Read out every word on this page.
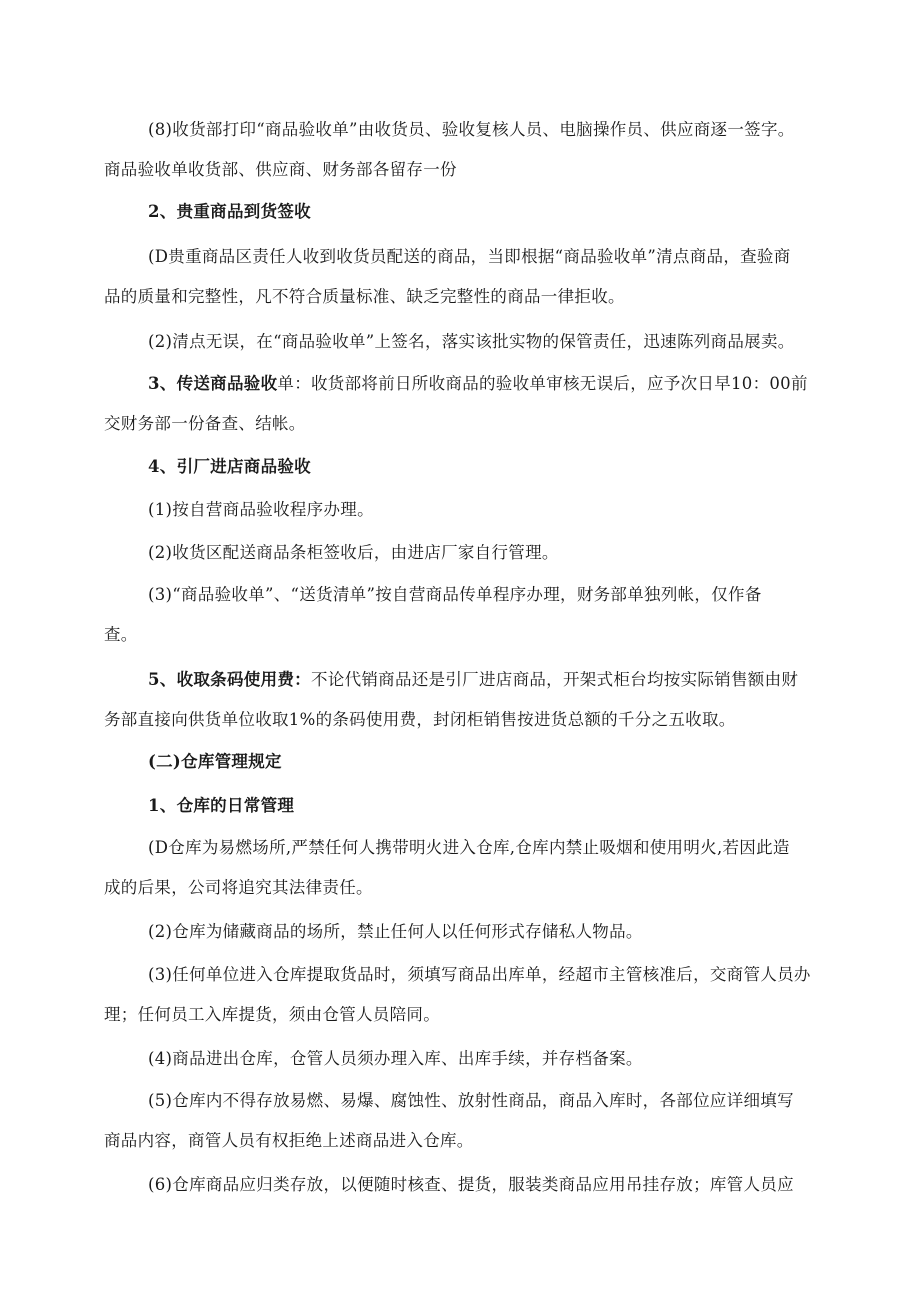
(8)收货部打印“商品验收单”由收货员、验收复核人员、电脑操作员、供应商逐一签字。
商品验收单收货部、供应商、财务部各留存一份

2、贵重商品到货签收

(D贵重商品区责任人收到收货员配送的商品，当即根据“商品验收单”清点商品，查验商
品的质量和完整性，凡不符合质量标准、缺乏完整性的商品一律拒收。

(2)清点无误，在“商品验收单”上签名，落实该批实物的保管责任，迅速陈列商品展卖。

3、传送商品验收单：收货部将前日所收商品的验收单审核无误后，应予次日早10：00前
交财务部一份备查、结帐。

4、引厂进店商品验收

(1)按自营商品验收程序办理。

(2)收货区配送商品条柜签收后，由进店厂家自行管理。

(3)“商品验收单”、“送货清单”按自营商品传单程序办理，财务部单独列帐，仅作备
查。

5、收取条码使用费：不论代销商品还是引厂进店商品，开架式柜台均按实际销售额由财
务部直接向供货单位收取1%的条码使用费，封闭柜销售按进货总额的千分之五收取。

(二)仓库管理规定

1、仓库的日常管理

(D仓库为易燃场所,严禁任何人携带明火进入仓库,仓库内禁止吸烟和使用明火,若因此造
成的后果，公司将追究其法律责任。

(2)仓库为储藏商品的场所，禁止任何人以任何形式存储私人物品。

(3)任何单位进入仓库提取货品时，须填写商品出库单，经超市主管核准后，交商管人员办
理；任何员工入库提货，须由仓管人员陪同。

(4)商品进出仓库，仓管人员须办理入库、出库手续，并存档备案。

(5)仓库内不得存放易燃、易爆、腐蚀性、放射性商品，商品入库时，各部位应详细填写
商品内容，商管人员有权拒绝上述商品进入仓库。

(6)仓库商品应归类存放，以便随时核查、提货，服装类商品应用吊挂存放；库管人员应
